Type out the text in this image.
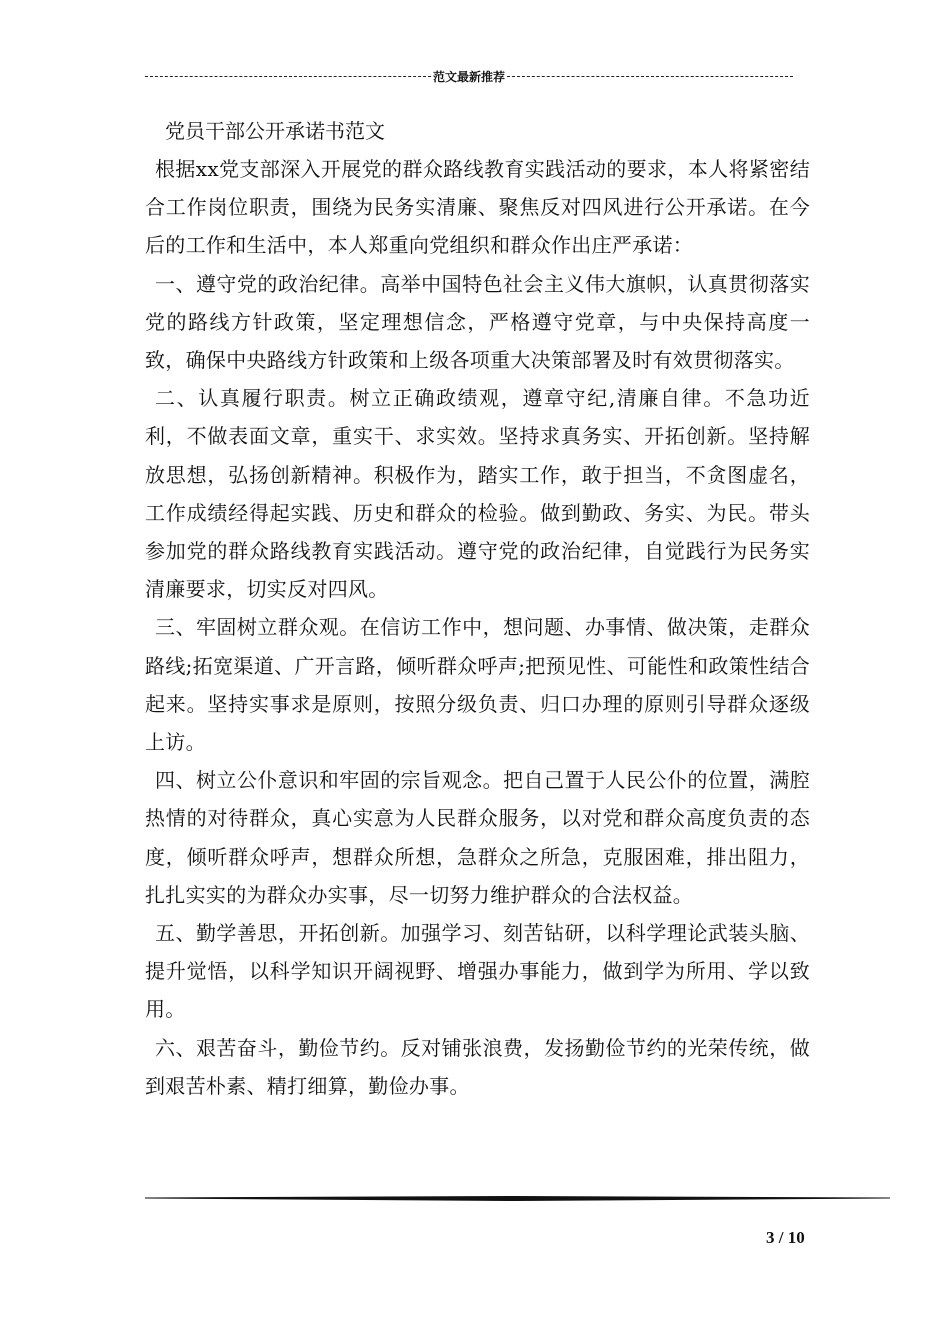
范文最新推荐

党员干部公开承诺书范文

根据xx党支部深入开展党的群众路线教育实践活动的要求，本人将紧密结合工作岗位职责，围绕为民务实清廉、聚焦反对四风进行公开承诺。在今后的工作和生活中，本人郑重向党组织和群众作出庄严承诺：

一、遵守党的政治纪律。高举中国特色社会主义伟大旗帜，认真贯彻落实党的路线方针政策，坚定理想信念，严格遵守党章，与中央保持高度一致，确保中央路线方针政策和上级各项重大决策部署及时有效贯彻落实。

二、认真履行职责。树立正确政绩观，遵章守纪,清廉自律。不急功近利，不做表面文章，重实干、求实效。坚持求真务实、开拓创新。坚持解放思想，弘扬创新精神。积极作为，踏实工作，敢于担当，不贪图虚名，工作成绩经得起实践、历史和群众的检验。做到勤政、务实、为民。带头参加党的群众路线教育实践活动。遵守党的政治纪律，自觉践行为民务实清廉要求，切实反对四风。

三、牢固树立群众观。在信访工作中，想问题、办事情、做决策，走群众路线;拓宽渠道、广开言路，倾听群众呼声;把预见性、可能性和政策性结合起来。坚持实事求是原则，按照分级负责、归口办理的原则引导群众逐级上访。

四、树立公仆意识和牢固的宗旨观念。把自己置于人民公仆的位置，满腔热情的对待群众，真心实意为人民群众服务，以对党和群众高度负责的态度，倾听群众呼声，想群众所想，急群众之所急，克服困难，排出阻力，扎扎实实的为群众办实事，尽一切努力维护群众的合法权益。

五、勤学善思，开拓创新。加强学习、刻苦钻研，以科学理论武装头脑、提升觉悟，以科学知识开阔视野、增强办事能力，做到学为所用、学以致用。

六、艰苦奋斗，勤俭节约。反对铺张浪费，发扬勤俭节约的光荣传统，做到艰苦朴素、精打细算，勤俭办事。

3 / 10
